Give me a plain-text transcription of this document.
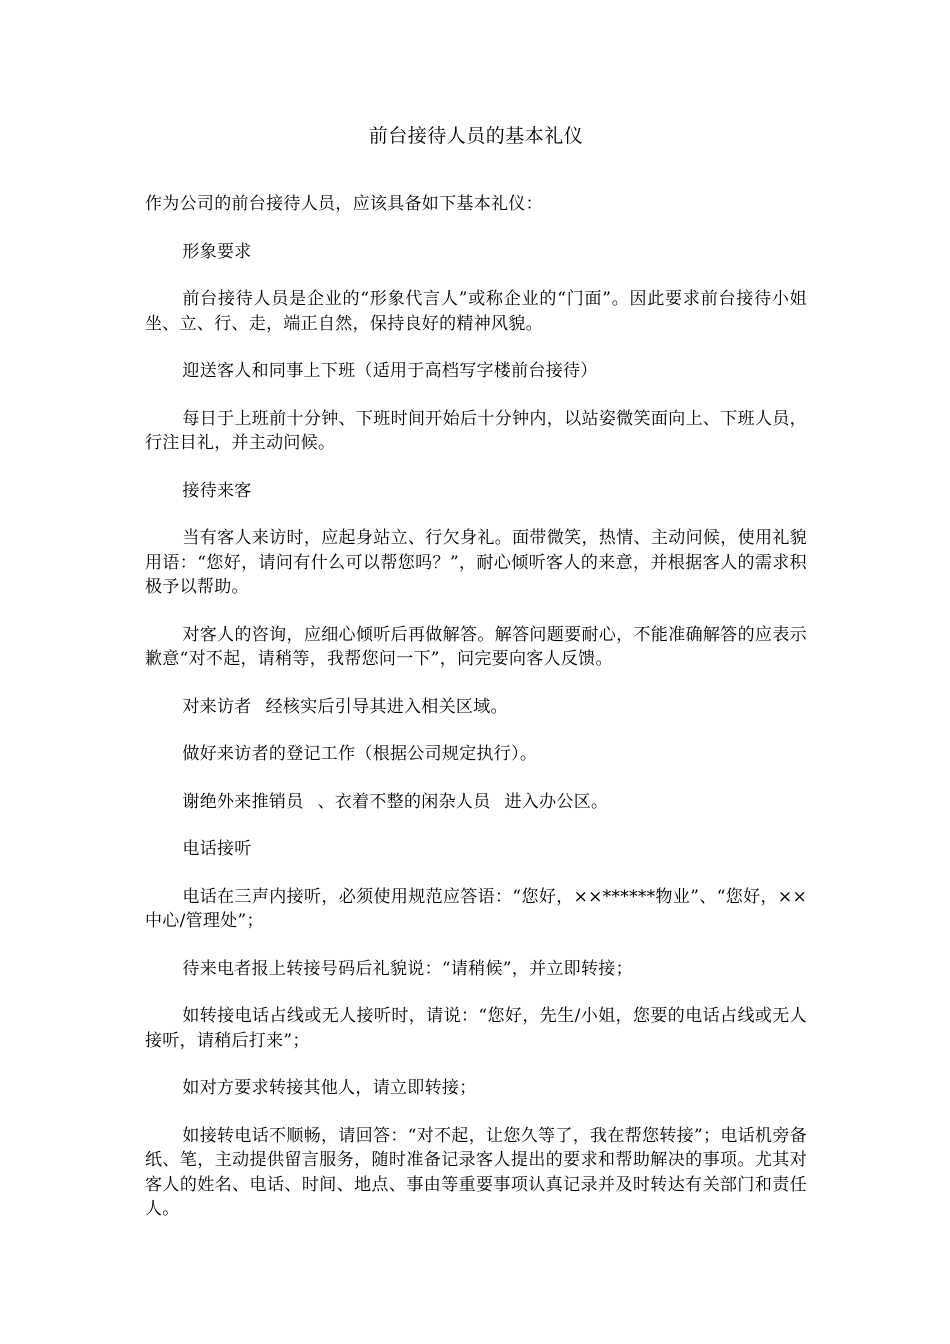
前台接待人员的基本礼仪

作为公司的前台接待人员，应该具备如下基本礼仪：

形象要求

前台接待人员是企业的“形象代言人”或称企业的“门面”。因此要求前台接待小姐坐、立、行、走，端正自然，保持良好的精神风貌。

迎送客人和同事上下班（适用于高档写字楼前台接待）

每日于上班前十分钟、下班时间开始后十分钟内，以站姿微笑面向上、下班人员，行注目礼，并主动问候。

接待来客

当有客人来访时，应起身站立、行欠身礼。面带微笑，热情、主动问候，使用礼貌用语：“您好，请问有什么可以帮您吗？”，耐心倾听客人的来意，并根据客人的需求积极予以帮助。

对客人的咨询，应细心倾听后再做解答。解答问题要耐心，不能准确解答的应表示歉意“对不起，请稍等，我帮您问一下”，问完要向客人反馈。

对来访者 经核实后引导其进入相关区域。

做好来访者的登记工作（根据公司规定执行）。

谢绝外来推销员 、衣着不整的闲杂人员 进入办公区。

电话接听

电话在三声内接听，必须使用规范应答语：“您好，××******物业”、“您好，××中心/管理处”；

待来电者报上转接号码后礼貌说：“请稍候”，并立即转接；

如转接电话占线或无人接听时，请说：“您好，先生/小姐，您要的电话占线或无人接听，请稍后打来”；

如对方要求转接其他人，请立即转接；

如接转电话不顺畅，请回答：“对不起，让您久等了，我在帮您转接”；电话机旁备纸、笔，主动提供留言服务，随时准备记录客人提出的要求和帮助解决的事项。尤其对客人的姓名、电话、时间、地点、事由等重要事项认真记录并及时转达有关部门和责任人。
